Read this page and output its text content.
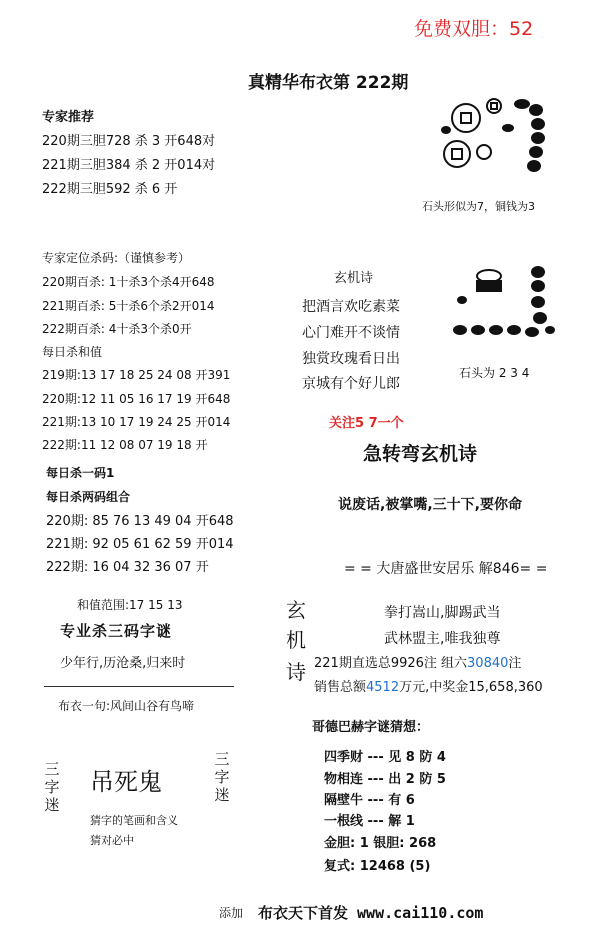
免费双胆：52
真精华布衣第 222期
专家推荐
220期三胆728 杀 3 开648对
221期三胆384 杀 2 开014对
222期三胆592 杀 6 开
石头形似为7，铜钱为3
专家定位杀码:（谨慎参考）
220期百杀: 1十杀3个杀4开648
221期百杀: 5十杀6个杀2开014
222期百杀: 4十杀3个杀0开
每日杀和值
219期:13 17 18 25 24 08 开391
220期:12 11 05 16 17 19 开648
221期:13 10 17 19 24 25 开014
222期:11 12 08 07 19 18 开
玄机诗
把酒言欢吃素菜
心门难开不谈情
独赏玫瑰看日出
京城有个好儿郎
石头为 2 3 4
关注5 7一个
急转弯玄机诗
说废话,被掌嘴,三十下,要你命
每日杀一码1
每日杀两码组合
220期: 85 76 13 49 04 开648
221期: 92 05 61 62 59 开014
222期: 16 04 32 36 07 开	= = 大唐盛世安居乐 解846= =
玄
机
诗
拳打嵩山,脚踢武当
武林盟主,唯我独尊
221期直选总9926注 组六30840注
销售总额4512万元,中奖金15,658,360
和值范围:17 15 13
专业杀三码字谜
少年行,历沧桑,归来时
布衣一句:风间山谷有鸟啼
三
字
迷
吊死鬼
三
字
迷
猜字的笔画和含义
猜对必中
哥德巴赫字谜猜想：
四季财 --- 见 8 防 4
物相连 --- 出 2 防 5
隔壁牛 --- 有 6
一根线 --- 解 1
金胆: 1 银胆: 268
复式: 12468 (5)
添加 布衣天下首发 www.cai110.com
